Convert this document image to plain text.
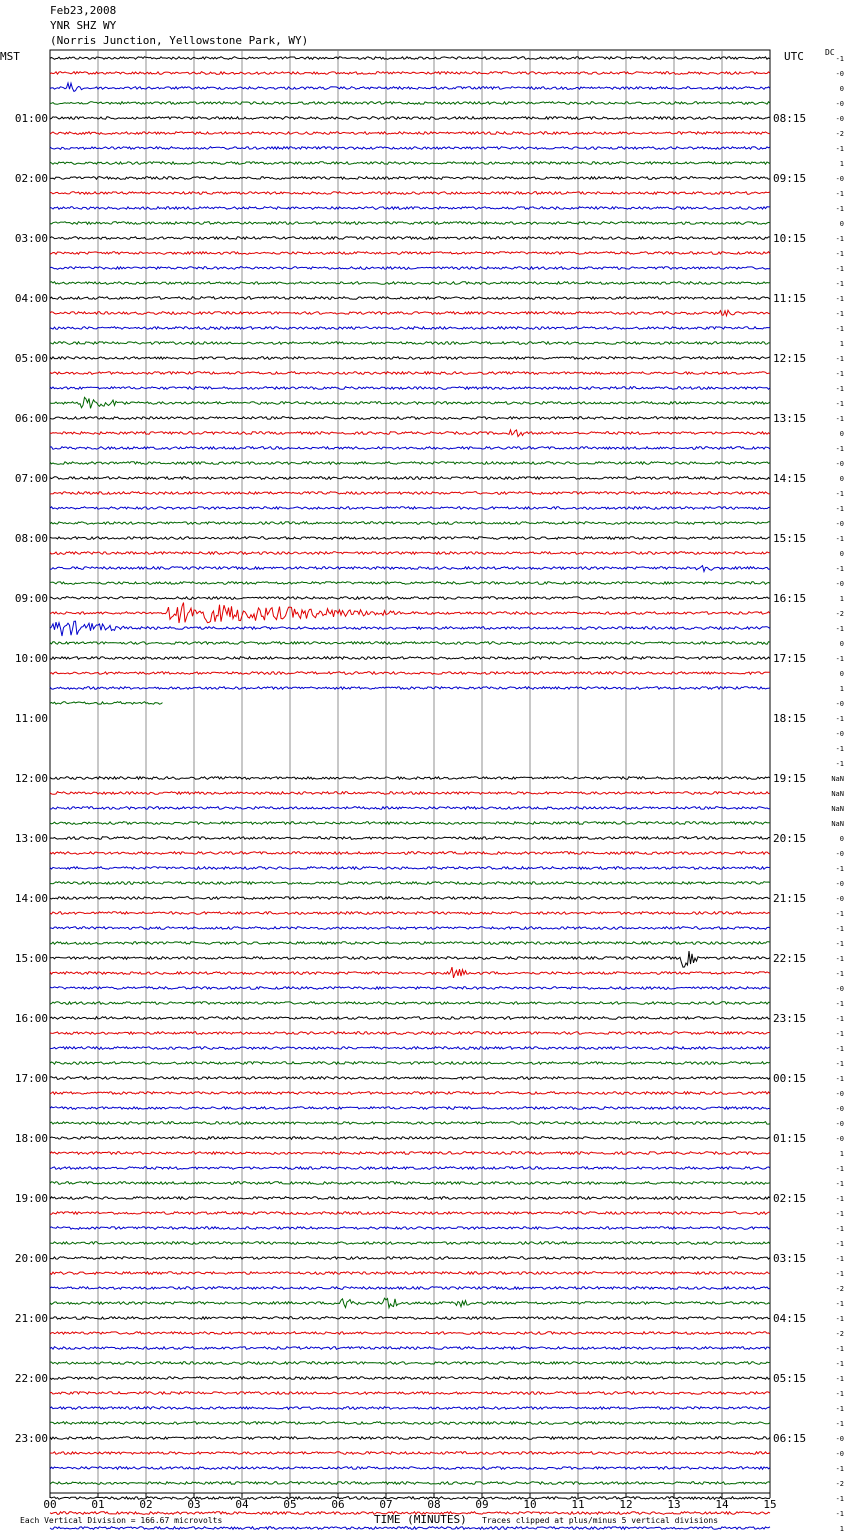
Feb23,2008
YNR SHZ WY
(Norris Junction, Yellowstone Park, WY)
MST	UTC	DC
00	01	02	03	04	05	06	07	08	09	10	11	12	13	14	15
01:00	08:15
02:00	09:15
03:00	10:15
04:00	11:15
05:00	12:15
06:00	13:15
07:00	14:15
08:00	15:15
09:00	16:15
10:00	17:15
11:00	18:15
12:00	19:15
13:00	20:15
14:00	21:15
15:00	22:15
16:00	23:15
17:00	00:15
18:00	01:15
19:00	02:15
20:00	03:15
21:00	04:15
22:00	05:15
23:00	06:15
-1
-0
0
-0
-0
-2
-1
1
-0
-1
-1
0
-1
-1
-1
-1
-1
-1
-1
1
-1
-1
-1
-1
-1
0
-1
-0
0
-1
-1
-0
-1
0
-1
-0
1
-2
-1
0
-1
0
1
-0
-1
-0
-1
-1
NaN
NaN
NaN
NaN
0
-0
-1
-0
-0
-1
-1
-1
-1
-1
-0
-1
-1
-1
-1
-1
-1
-0
-0
-0
-0
1
-1
-1
-1
-1
-1
-1
-1
-1
-2
-1
-1
-2
-1
-1
-1
-1
-1
-1
-0
-0
-1
-2
-1
-1
1
Each Vertical Division = 166.67 microvolts	TIME (MINUTES) Traces clipped at plus/minus 5 vertical divisions
